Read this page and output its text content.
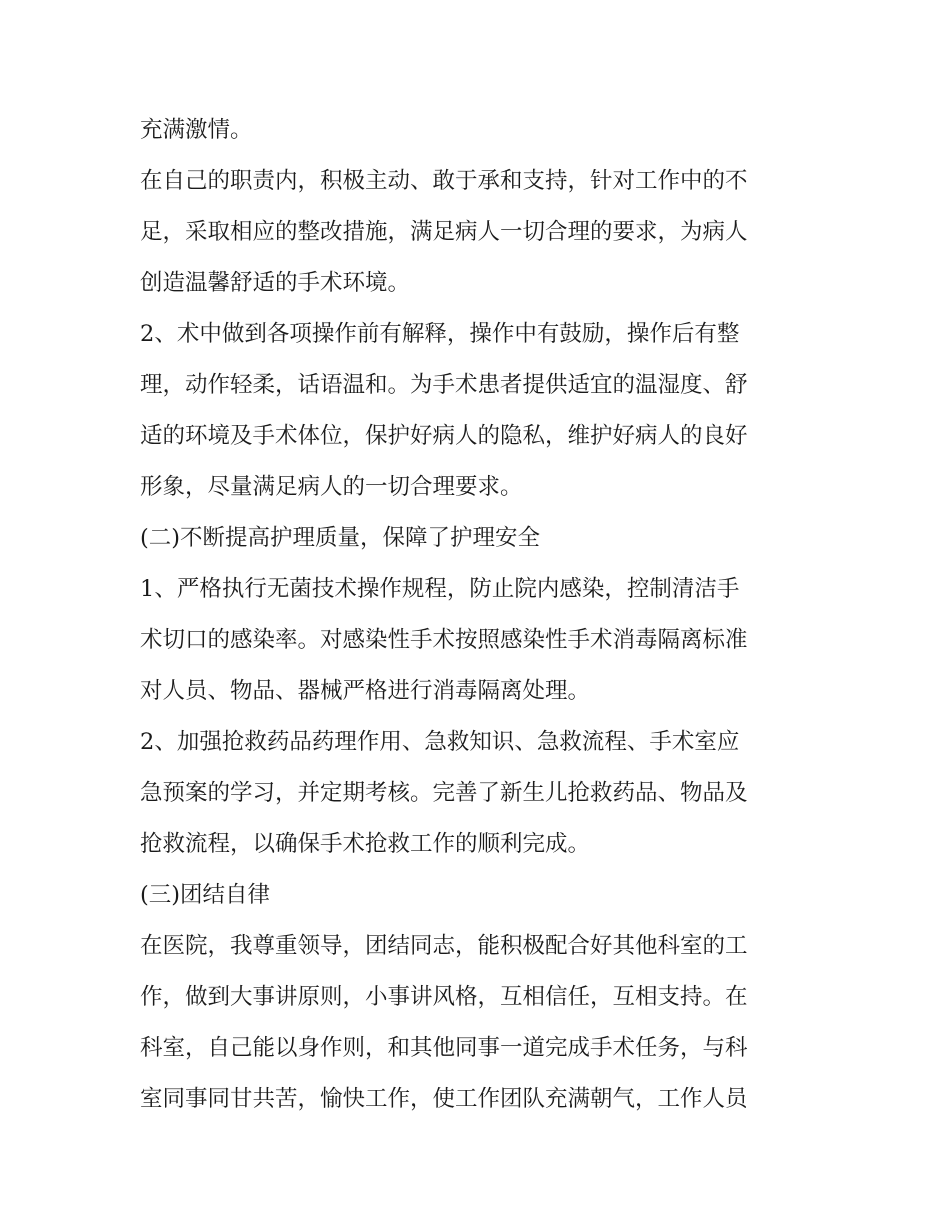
充满激情。

在自己的职责内，积极主动、敢于承和支持，针对工作中的不

足，采取相应的整改措施，满足病人一切合理的要求，为病人

创造温馨舒适的手术环境。

2、术中做到各项操作前有解释，操作中有鼓励，操作后有整

理，动作轻柔，话语温和。为手术患者提供适宜的温湿度、舒

适的环境及手术体位，保护好病人的隐私，维护好病人的良好

形象，尽量满足病人的一切合理要求。

(二)不断提高护理质量，保障了护理安全

1、严格执行无菌技术操作规程，防止院内感染，控制清洁手

术切口的感染率。对感染性手术按照感染性手术消毒隔离标准

对人员、物品、器械严格进行消毒隔离处理。

2、加强抢救药品药理作用、急救知识、急救流程、手术室应

急预案的学习，并定期考核。完善了新生儿抢救药品、物品及

抢救流程，以确保手术抢救工作的顺利完成。

(三)团结自律

在医院，我尊重领导，团结同志，能积极配合好其他科室的工

作，做到大事讲原则，小事讲风格，互相信任，互相支持。在

科室，自己能以身作则，和其他同事一道完成手术任务，与科

室同事同甘共苦，愉快工作，使工作团队充满朝气，工作人员
